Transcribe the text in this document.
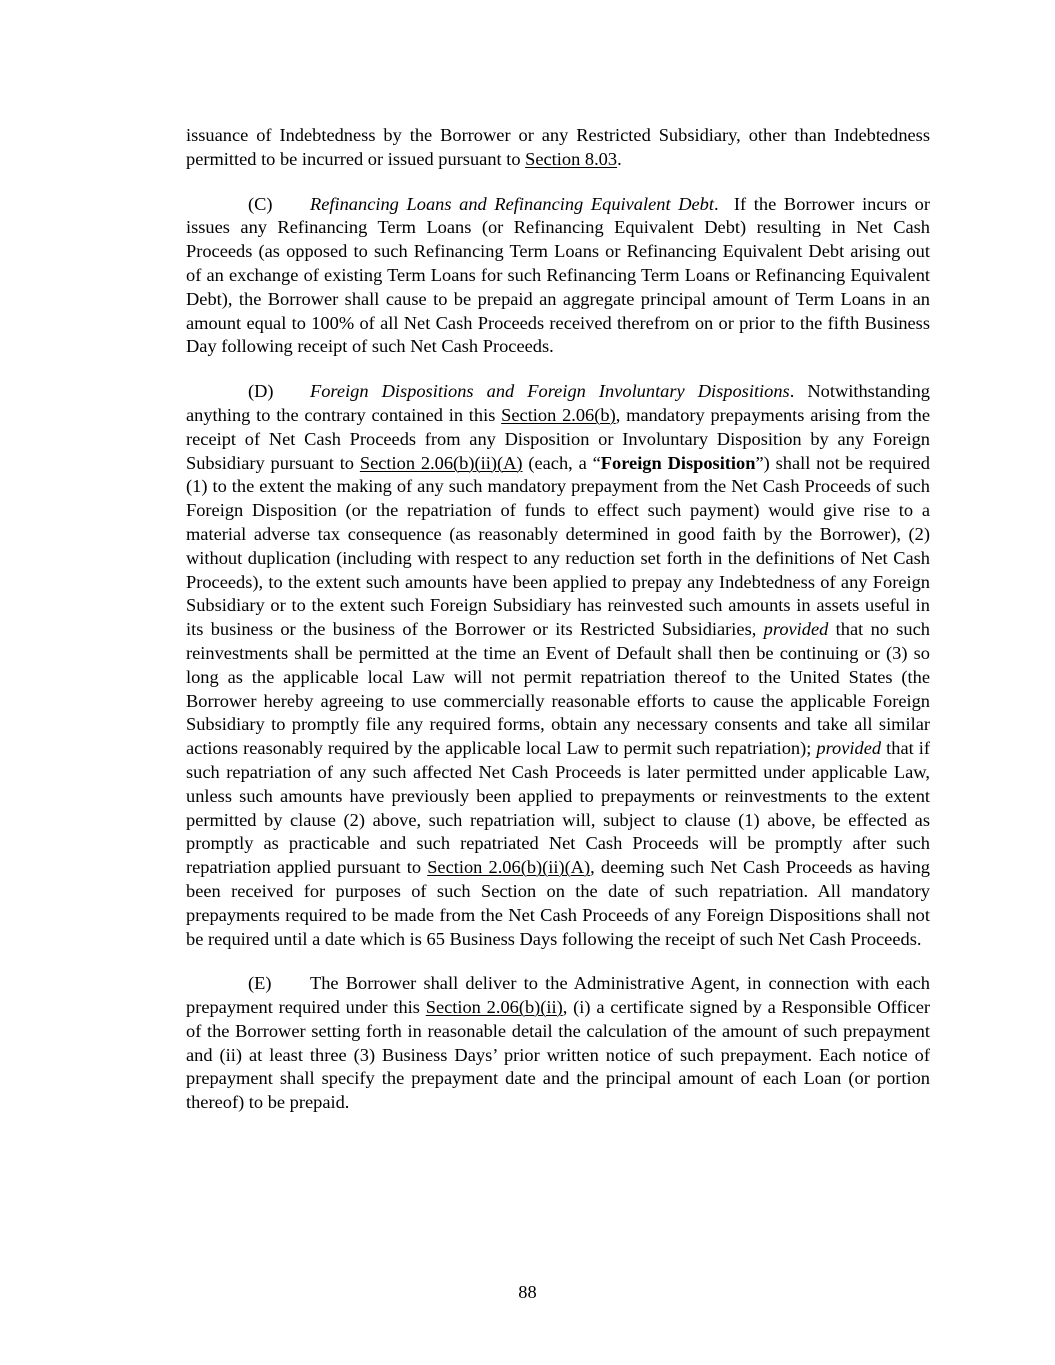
issuance of Indebtedness by the Borrower or any Restricted Subsidiary, other than Indebtedness permitted to be incurred or issued pursuant to Section 8.03.

(C) Refinancing Loans and Refinancing Equivalent Debt. If the Borrower incurs or issues any Refinancing Term Loans (or Refinancing Equivalent Debt) resulting in Net Cash Proceeds (as opposed to such Refinancing Term Loans or Refinancing Equivalent Debt arising out of an exchange of existing Term Loans for such Refinancing Term Loans or Refinancing Equivalent Debt), the Borrower shall cause to be prepaid an aggregate principal amount of Term Loans in an amount equal to 100% of all Net Cash Proceeds received therefrom on or prior to the fifth Business Day following receipt of such Net Cash Proceeds.

(D) Foreign Dispositions and Foreign Involuntary Dispositions. Notwithstanding anything to the contrary contained in this Section 2.06(b), mandatory prepayments arising from the receipt of Net Cash Proceeds from any Disposition or Involuntary Disposition by any Foreign Subsidiary pursuant to Section 2.06(b)(ii)(A) (each, a “Foreign Disposition”) shall not be required (1) to the extent the making of any such mandatory prepayment from the Net Cash Proceeds of such Foreign Disposition (or the repatriation of funds to effect such payment) would give rise to a material adverse tax consequence (as reasonably determined in good faith by the Borrower), (2) without duplication (including with respect to any reduction set forth in the definitions of Net Cash Proceeds), to the extent such amounts have been applied to prepay any Indebtedness of any Foreign Subsidiary or to the extent such Foreign Subsidiary has reinvested such amounts in assets useful in its business or the business of the Borrower or its Restricted Subsidiaries, provided that no such reinvestments shall be permitted at the time an Event of Default shall then be continuing or (3) so long as the applicable local Law will not permit repatriation thereof to the United States (the Borrower hereby agreeing to use commercially reasonable efforts to cause the applicable Foreign Subsidiary to promptly file any required forms, obtain any necessary consents and take all similar actions reasonably required by the applicable local Law to permit such repatriation); provided that if such repatriation of any such affected Net Cash Proceeds is later permitted under applicable Law, unless such amounts have previously been applied to prepayments or reinvestments to the extent permitted by clause (2) above, such repatriation will, subject to clause (1) above, be effected as promptly as practicable and such repatriated Net Cash Proceeds will be promptly after such repatriation applied pursuant to Section 2.06(b)(ii)(A), deeming such Net Cash Proceeds as having been received for purposes of such Section on the date of such repatriation. All mandatory prepayments required to be made from the Net Cash Proceeds of any Foreign Dispositions shall not be required until a date which is 65 Business Days following the receipt of such Net Cash Proceeds.

(E) The Borrower shall deliver to the Administrative Agent, in connection with each prepayment required under this Section 2.06(b)(ii), (i) a certificate signed by a Responsible Officer of the Borrower setting forth in reasonable detail the calculation of the amount of such prepayment and (ii) at least three (3) Business Days’ prior written notice of such prepayment. Each notice of prepayment shall specify the prepayment date and the principal amount of each Loan (or portion thereof) to be prepaid.

88
